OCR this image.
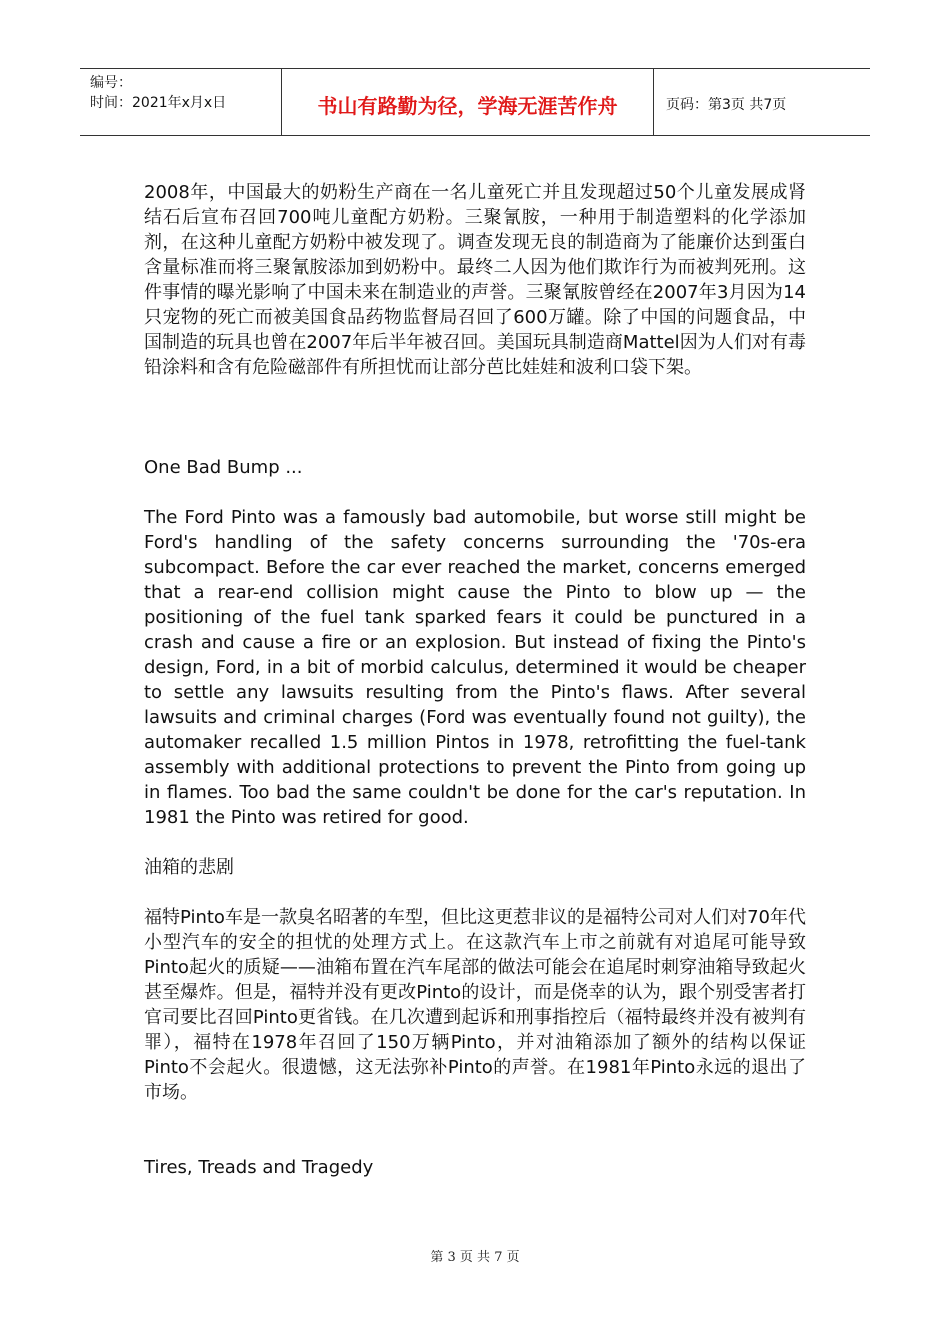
编号：
时间：2021年x月x日	书山有路勤为径，学海无涯苦作舟	页码：第3页 共7页

2008年，中国最大的奶粉生产商在一名儿童死亡并且发现超过50个儿童发展成肾结石后宣布召回700吨儿童配方奶粉。三聚氰胺，一种用于制造塑料的化学添加剂，在这种儿童配方奶粉中被发现了。调查发现无良的制造商为了能廉价达到蛋白含量标准而将三聚氰胺添加到奶粉中。最终二人因为他们欺诈行为而被判死刑。这件事情的曝光影响了中国未来在制造业的声誉。三聚氰胺曾经在2007年3月因为14只宠物的死亡而被美国食品药物监督局召回了600万罐。除了中国的问题食品，中国制造的玩具也曾在2007年后半年被召回。美国玩具制造商Mattel因为人们对有毒铅涂料和含有危险磁部件有所担忧而让部分芭比娃娃和波利口袋下架。

One Bad Bump ...

The Ford Pinto was a famously bad automobile, but worse still might be Ford's handling of the safety concerns surrounding the '70s-era subcompact. Before the car ever reached the market, concerns emerged that a rear-end collision might cause the Pinto to blow up — the positioning of the fuel tank sparked fears it could be punctured in a crash and cause a fire or an explosion. But instead of fixing the Pinto's design, Ford, in a bit of morbid calculus, determined it would be cheaper to settle any lawsuits resulting from the Pinto's flaws. After several lawsuits and criminal charges (Ford was eventually found not guilty), the automaker recalled 1.5 million Pintos in 1978, retrofitting the fuel-tank assembly with additional protections to prevent the Pinto from going up in flames. Too bad the same couldn't be done for the car's reputation. In 1981 the Pinto was retired for good.

油箱的悲剧

福特Pinto车是一款臭名昭著的车型，但比这更惹非议的是福特公司对人们对70年代小型汽车的安全的担忧的处理方式上。在这款汽车上市之前就有对追尾可能导致Pinto起火的质疑——油箱布置在汽车尾部的做法可能会在追尾时刺穿油箱导致起火甚至爆炸。但是，福特并没有更改Pinto的设计，而是侥幸的认为，跟个别受害者打官司要比召回Pinto更省钱。在几次遭到起诉和刑事指控后（福特最终并没有被判有罪），福特在1978年召回了150万辆Pinto，并对油箱添加了额外的结构以保证Pinto不会起火。很遗憾，这无法弥补Pinto的声誉。在1981年Pinto永远的退出了市场。

Tires, Treads and Tragedy

第 3 页 共 7 页
